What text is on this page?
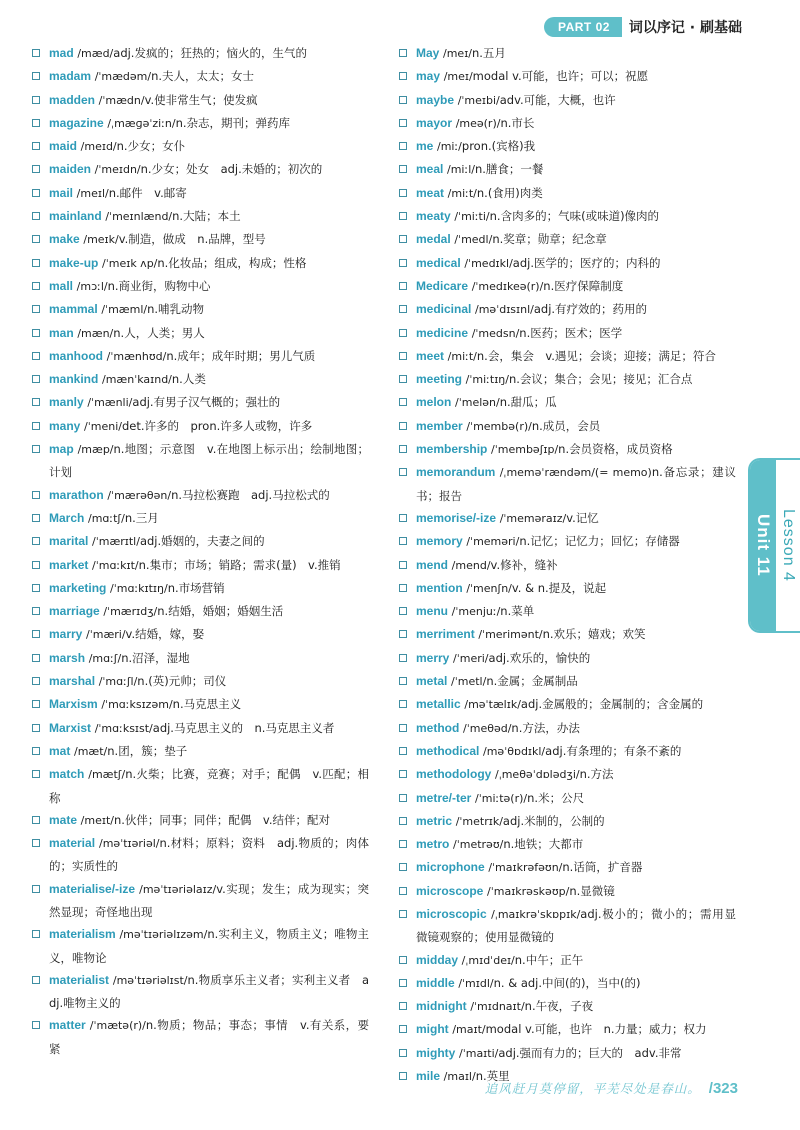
PART 02	词以序记 · 刷基础
mad /mæd/adj.发疯的；狂热的；恼火的，生气的
madam /ˈmædəm/n.夫人，太太；女士
madden /ˈmædn/v.使非常生气；使发疯
magazine /ˌmæɡəˈziːn/n.杂志，期刊；弹药库
maid /meɪd/n.少女；女仆
maiden /ˈmeɪdn/n.少女；处女　adj.未婚的；初次的
mail /meɪl/n.邮件　v.邮寄
mainland /ˈmeɪnlænd/n.大陆；本土
make /meɪk/v.制造，做成　n.品牌，型号
make-up /ˈmeɪk ʌp/n.化妆品；组成，构成；性格
mall /mɔːl/n.商业街，购物中心
mammal /ˈmæml/n.哺乳动物
man /mæn/n.人，人类；男人
manhood /ˈmænhʊd/n.成年；成年时期；男儿气质
mankind /mænˈkaɪnd/n.人类
manly /ˈmænli/adj.有男子汉气概的；强壮的
many /ˈmeni/det.许多的　pron.许多人或物，许多
map /mæp/n.地图；示意图　v.在地图上标示出；绘制地图；计划
marathon /ˈmærəθən/n.马拉松赛跑　adj.马拉松式的
March /mɑːtʃ/n.三月
marital /ˈmærɪtl/adj.婚姻的，夫妻之间的
market /ˈmɑːkɪt/n.集市；市场；销路；需求(量)　v.推销
marketing /ˈmɑːkɪtɪŋ/n.市场营销
marriage /ˈmærɪdʒ/n.结婚，婚姻；婚姻生活
marry /ˈmæri/v.结婚，嫁，娶
marsh /mɑːʃ/n.沼泽，湿地
marshal /ˈmɑːʃl/n.(英)元帅；司仪
Marxism /ˈmɑːksɪzəm/n.马克思主义
Marxist /ˈmɑːksɪst/adj.马克思主义的　n.马克思主义者
mat /mæt/n.团，簇；垫子
match /mætʃ/n.火柴；比赛，竞赛；对手；配偶　v.匹配；相称
mate /meɪt/n.伙伴；同事；同伴；配偶　v.结伴；配对
material /məˈtɪəriəl/n.材料；原料；资料　adj.物质的；肉体的；实质性的
materialise/-ize /məˈtɪəriəlaɪz/v.实现；发生；成为现实；突然显现；奇怪地出现
materialism /məˈtɪəriəlɪzəm/n.实利主义，物质主义；唯物主义，唯物论
materialist /məˈtɪəriəlɪst/n.物质享乐主义者；实利主义者　adj.唯物主义的
matter /ˈmætə(r)/n.物质；物品；事态；事情　v.有关系，要紧
May /meɪ/n.五月
may /meɪ/modal v.可能，也许；可以；祝愿
maybe /ˈmeɪbi/adv.可能，大概，也许
mayor /meə(r)/n.市长
me /miː/pron.(宾格)我
meal /miːl/n.膳食；一餐
meat /miːt/n.(食用)肉类
meaty /ˈmiːti/n.含肉多的；气味(或味道)像肉的
medal /ˈmedl/n.奖章；勋章；纪念章
medical /ˈmedɪkl/adj.医学的；医疗的；内科的
Medicare /ˈmedɪkeə(r)/n.医疗保障制度
medicinal /məˈdɪsɪnl/adj.有疗效的；药用的
medicine /ˈmedsn/n.医药；医术；医学
meet /miːt/n.会，集会　v.遇见；会谈；迎接；满足；符合
meeting /ˈmiːtɪŋ/n.会议；集合；会见；接见；汇合点
melon /ˈmelən/n.甜瓜；瓜
member /ˈmembə(r)/n.成员，会员
membership /ˈmembəʃɪp/n.会员资格，成员资格
memorandum /ˌmeməˈrændəm/(= memo)n.备忘录；建议书；报告
memorise/-ize /ˈmeməraɪz/v.记忆
memory /ˈmeməri/n.记忆；记忆力；回忆；存储器
mend /mend/v.修补，缝补
mention /ˈmenʃn/v. & n.提及，说起
menu /ˈmenjuː/n.菜单
merriment /ˈmerimənt/n.欢乐；嬉戏；欢笑
merry /ˈmeri/adj.欢乐的，愉快的
metal /ˈmetl/n.金属；金属制品
metallic /məˈtælɪk/adj.金属般的；金属制的；含金属的
method /ˈmeθəd/n.方法，办法
methodical /məˈθɒdɪkl/adj.有条理的；有条不紊的
methodology /ˌmeθəˈdɒlədʒi/n.方法
metre/-ter /ˈmiːtə(r)/n.米；公尺
metric /ˈmetrɪk/adj.米制的，公制的
metro /ˈmetrəʊ/n.地铁；大都市
microphone /ˈmaɪkrəfəʊn/n.话筒，扩音器
microscope /ˈmaɪkrəskəʊp/n.显微镜
microscopic /ˌmaɪkrəˈskɒpɪk/adj.极小的；微小的；需用显微镜观察的；使用显微镜的
midday /ˌmɪdˈdeɪ/n.中午；正午
middle /ˈmɪdl/n. & adj.中间(的)，当中(的)
midnight /ˈmɪdnaɪt/n.午夜，子夜
might /maɪt/modal v.可能，也许　n.力量；威力；权力
mighty /ˈmaɪti/adj.强而有力的；巨大的　adv.非常
mile /maɪl/n.英里
Unit 11 Lesson 4
追风赶月莫停留，平芜尽处是春山。 /323
